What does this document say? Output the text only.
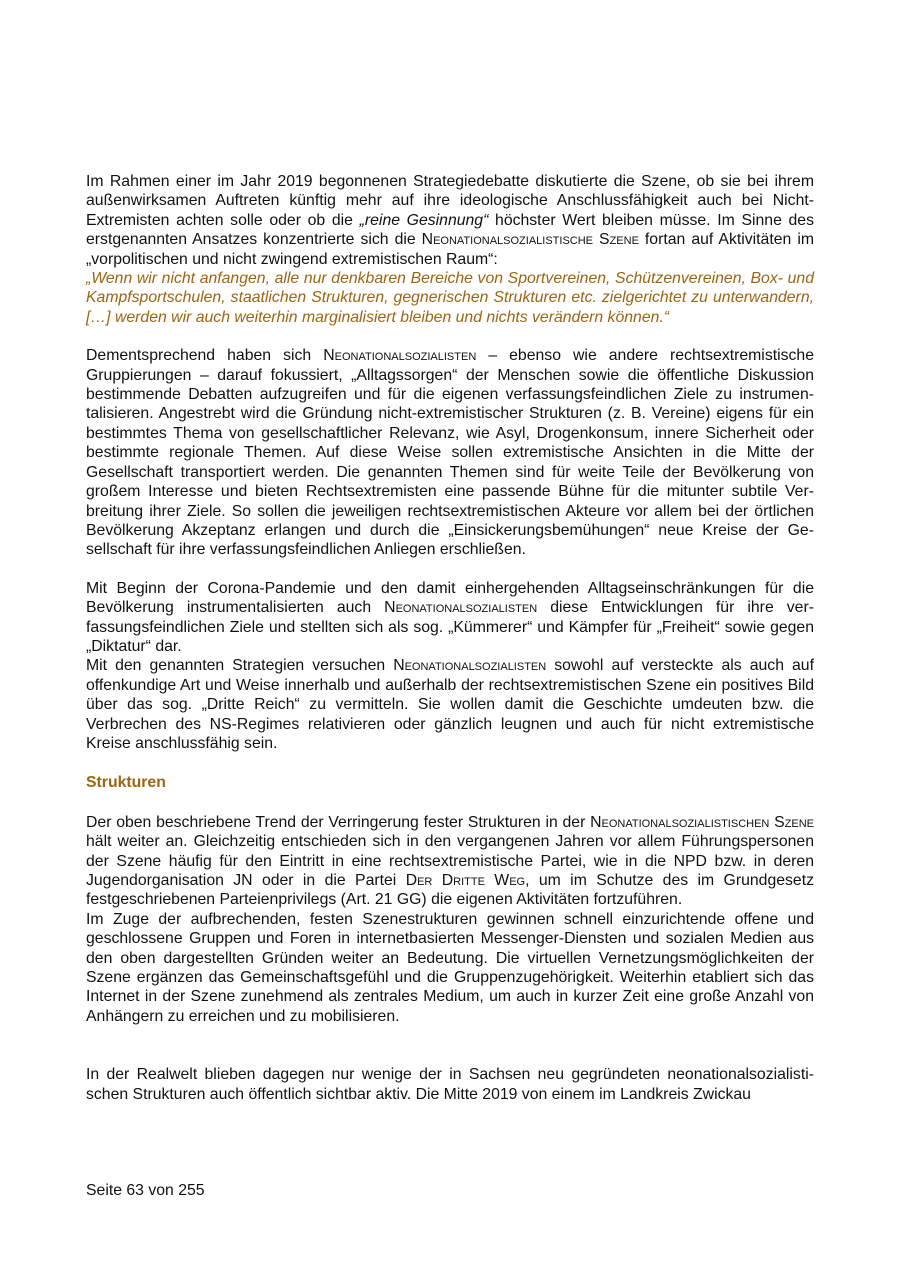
Im Rahmen einer im Jahr 2019 begonnenen Strategiedebatte diskutierte die Szene, ob sie bei ihrem außenwirksamen Auftreten künftig mehr auf ihre ideologische Anschlussfähigkeit auch bei Nicht-Extremisten achten solle oder ob die „reine Gesinnung“ höchster Wert bleiben müsse. Im Sinne des erstgenannten Ansatzes konzentrierte sich die Neonationalsozialistische Szene fortan auf Aktivitäten im „vorpolitischen und nicht zwingend extremistischen Raum“:

„Wenn wir nicht anfangen, alle nur denkbaren Bereiche von Sportvereinen, Schützenvereinen, Box- und Kampfsportschulen, staatlichen Strukturen, gegnerischen Strukturen etc. zielgerichtet zu unterwandern, […] werden wir auch weiterhin marginalisiert bleiben und nichts verändern können.“

Dementsprechend haben sich Neonationalsozialisten – ebenso wie andere rechtsextremistische Gruppierungen – darauf fokussiert, „Alltagssorgen“ der Menschen sowie die öffentliche Diskussion bestimmende Debatten aufzugreifen und für die eigenen verfassungsfeindlichen Ziele zu instrumentalisieren. Angestrebt wird die Gründung nicht-extremistischer Strukturen (z. B. Vereine) eigens für ein bestimmtes Thema von gesellschaftlicher Relevanz, wie Asyl, Drogenkonsum, innere Sicherheit oder bestimmte regionale Themen. Auf diese Weise sollen extremistische Ansichten in die Mitte der Gesellschaft transportiert werden. Die genannten Themen sind für weite Teile der Bevölkerung von großem Interesse und bieten Rechtsextremisten eine passende Bühne für die mitunter subtile Verbreitung ihrer Ziele. So sollen die jeweiligen rechtsextremistischen Akteure vor allem bei der örtlichen Bevölkerung Akzeptanz erlangen und durch die „Einsickerungsbemühungen“ neue Kreise der Gesellschaft für ihre verfassungsfeindlichen Anliegen erschließen.

Mit Beginn der Corona-Pandemie und den damit einhergehenden Alltagseinschränkungen für die Bevölkerung instrumentalisierten auch Neonationalsozialisten diese Entwicklungen für ihre verfassungsfeindlichen Ziele und stellten sich als sog. „Kümmerer“ und Kämpfer für „Freiheit“ sowie gegen „Diktatur“ dar.

Mit den genannten Strategien versuchen Neonationalsozialisten sowohl auf versteckte als auch auf offenkundige Art und Weise innerhalb und außerhalb der rechtsextremistischen Szene ein positives Bild über das sog. „Dritte Reich“ zu vermitteln. Sie wollen damit die Geschichte umdeuten bzw. die Verbrechen des NS-Regimes relativieren oder gänzlich leugnen und auch für nicht extremistische Kreise anschlussfähig sein.

Strukturen

Der oben beschriebene Trend der Verringerung fester Strukturen in der Neonationalsozialistischen Szene hält weiter an. Gleichzeitig entschieden sich in den vergangenen Jahren vor allem Führungspersonen der Szene häufig für den Eintritt in eine rechtsextremistische Partei, wie in die NPD bzw. in deren Jugendorganisation JN oder in die Partei Der Dritte Weg, um im Schutze des im Grundgesetz festgeschriebenen Parteienprivilegs (Art. 21 GG) die eigenen Aktivitäten fortzuführen.

Im Zuge der aufbrechenden, festen Szenestrukturen gewinnen schnell einzurichtende offene und geschlossene Gruppen und Foren in internetbasierten Messenger-Diensten und sozialen Medien aus den oben dargestellten Gründen weiter an Bedeutung. Die virtuellen Vernetzungsmöglichkeiten der Szene ergänzen das Gemeinschaftsgefühl und die Gruppenzugehörigkeit. Weiterhin etabliert sich das Internet in der Szene zunehmend als zentrales Medium, um auch in kurzer Zeit eine große Anzahl von Anhängern zu erreichen und zu mobilisieren.

In der Realwelt blieben dagegen nur wenige der in Sachsen neu gegründeten neonationalsozialistischen Strukturen auch öffentlich sichtbar aktiv. Die Mitte 2019 von einem im Landkreis Zwickau

Seite 63 von 255
